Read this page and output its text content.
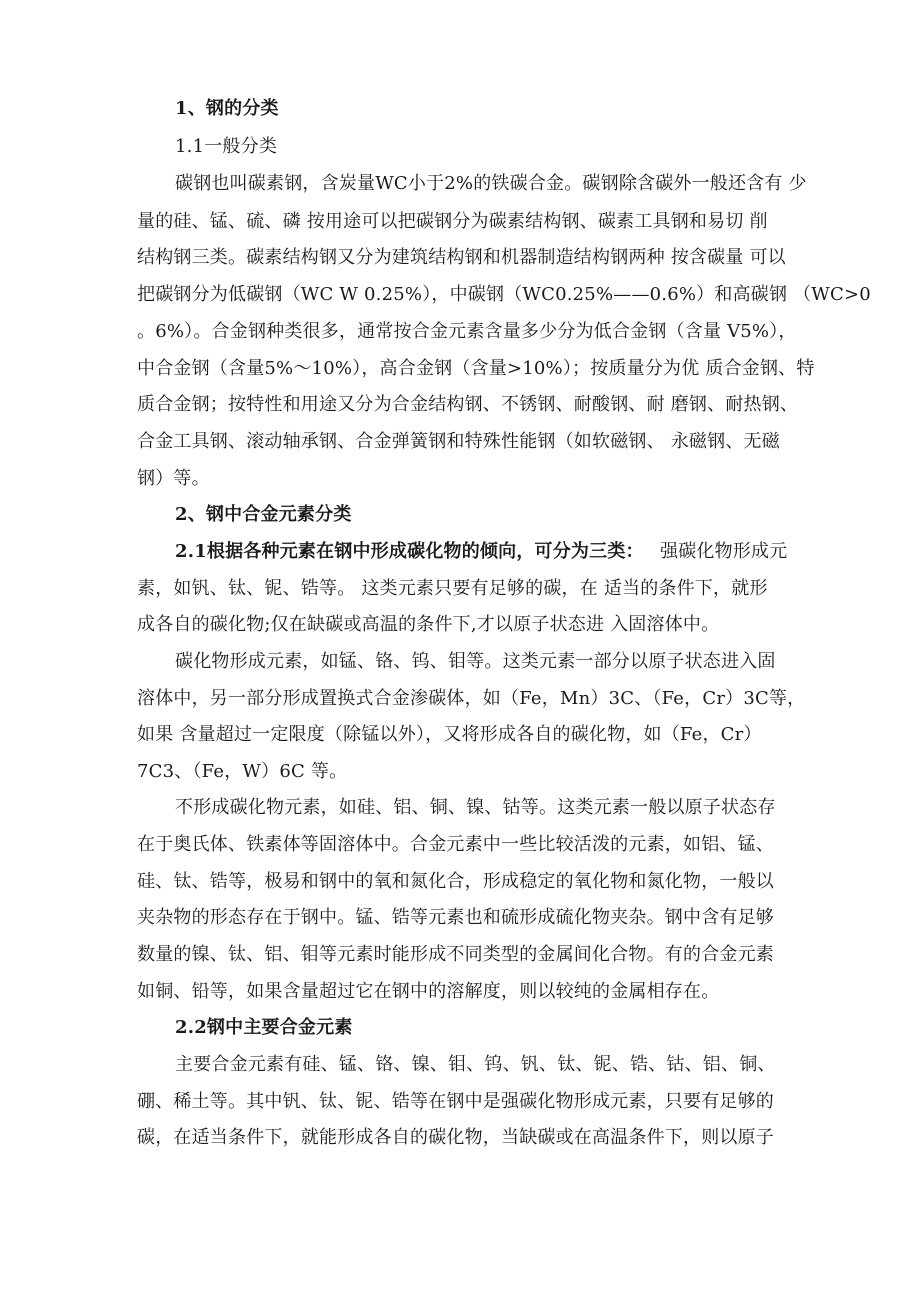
1、钢的分类
1.1一般分类
碳钢也叫碳素钢，含炭量WC小于2%的铁碳合金。碳钢除含碳外一般还含有 少
量的硅、锰、硫、磷 按用途可以把碳钢分为碳素结构钢、碳素工具钢和易切 削
结构钢三类。碳素结构钢又分为建筑结构钢和机器制造结构钢两种 按含碳量 可以
把碳钢分为低碳钢（WC W 0.25%），中碳钢（WC0.25%——0.6%）和高碳钢 （WC>0
。6%）。合金钢种类很多，通常按合金元素含量多少分为低合金钢（含量 V5%），
中合金钢（含量5%〜10%），高合金钢（含量>10%）；按质量分为优 质合金钢、特
质合金钢；按特性和用途又分为合金结构钢、不锈钢、耐酸钢、耐 磨钢、耐热钢、
合金工具钢、滚动轴承钢、合金弹簧钢和特殊性能钢（如软磁钢、 永磁钢、无磁
钢）等。
2、钢中合金元素分类
2.1根据各种元素在钢中形成碳化物的倾向，可分为三类： 强碳化物形成元
素，如钒、钛、铌、锆等。 这类元素只要有足够的碳，在 适当的条件下，就形
成各自的碳化物;仅在缺碳或高温的条件下,才以原子状态进 入固溶体中。
碳化物形成元素，如锰、铬、钨、钼等。这类元素一部分以原子状态进入固
溶体中，另一部分形成置换式合金渗碳体，如（Fe，Mn）3C、（Fe，Cr）3C等，
如果 含量超过一定限度（除锰以外），又将形成各自的碳化物，如（Fe，Cr）
7C3、（Fe，W）6C 等。
不形成碳化物元素，如硅、铝、铜、镍、钴等。这类元素一般以原子状态存
在于奥氏体、铁素体等固溶体中。合金元素中一些比较活泼的元素，如铝、锰、
硅、钛、锆等，极易和钢中的氧和氮化合，形成稳定的氧化物和氮化物，一般以
夹杂物的形态存在于钢中。锰、锆等元素也和硫形成硫化物夹杂。钢中含有足够
数量的镍、钛、铝、钼等元素时能形成不同类型的金属间化合物。有的合金元素
如铜、铅等，如果含量超过它在钢中的溶解度，则以较纯的金属相存在。
2.2钢中主要合金元素
主要合金元素有硅、锰、铬、镍、钼、钨、钒、钛、铌、锆、钴、铝、铜、
硼、稀土等。其中钒、钛、铌、锆等在钢中是强碳化物形成元素，只要有足够的
碳，在适当条件下，就能形成各自的碳化物，当缺碳或在高温条件下，则以原子
